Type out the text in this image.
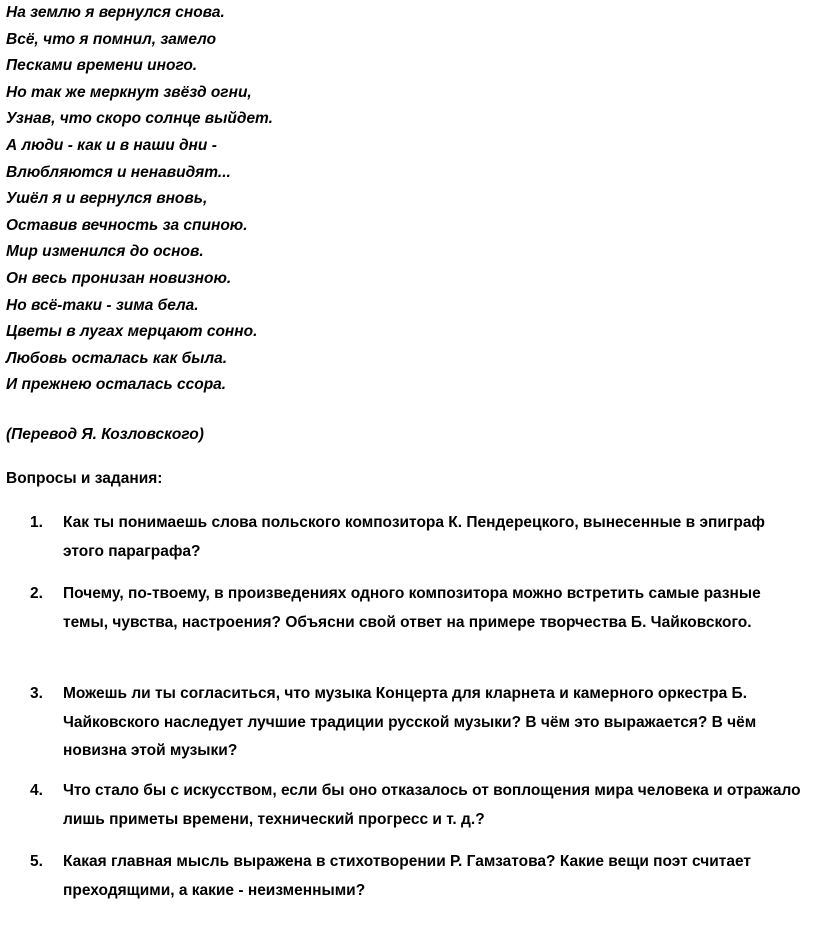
На землю я вернулся снова.
Всё, что я помнил, замело
Песками времени иного.
Но так же меркнут звёзд огни,
Узнав, что скоро солнце выйдет.
А люди - как и в наши дни -
Влюбляются и ненавидят...
Ушёл я и вернулся вновь,
Оставив вечность за спиною.
Мир изменился до основ.
Он весь пронизан новизною.
Но всё-таки - зима бела.
Цветы в лугах мерцают сонно.
Любовь осталась как была.
И прежнею осталась ссора.
(Перевод Я. Козловского)
Вопросы и задания:
1. Как ты понимаешь слова польского композитора К. Пендерецкого, вынесенные в эпиграф этого параграфа?

2. Почему, по-твоему, в произведениях одного композитора можно встретить самые разные темы, чувства, настроения? Объясни свой ответ на примере творчества Б. Чайковского.

3. Можешь ли ты согласиться, что музыка Концерта для кларнета и камерного оркестра Б. Чайковского наследует лучшие традиции русской музыки? В чём это выражается? В чём новизна этой музыки?

4. Что стало бы с искусством, если бы оно отказалось от воплощения мира человека и отражало лишь приметы времени, технический прогресс и т. д.?

5. Какая главная мысль выражена в стихотворении Р. Гамзатова? Какие вещи поэт считает преходящими, а какие - неизменными?
